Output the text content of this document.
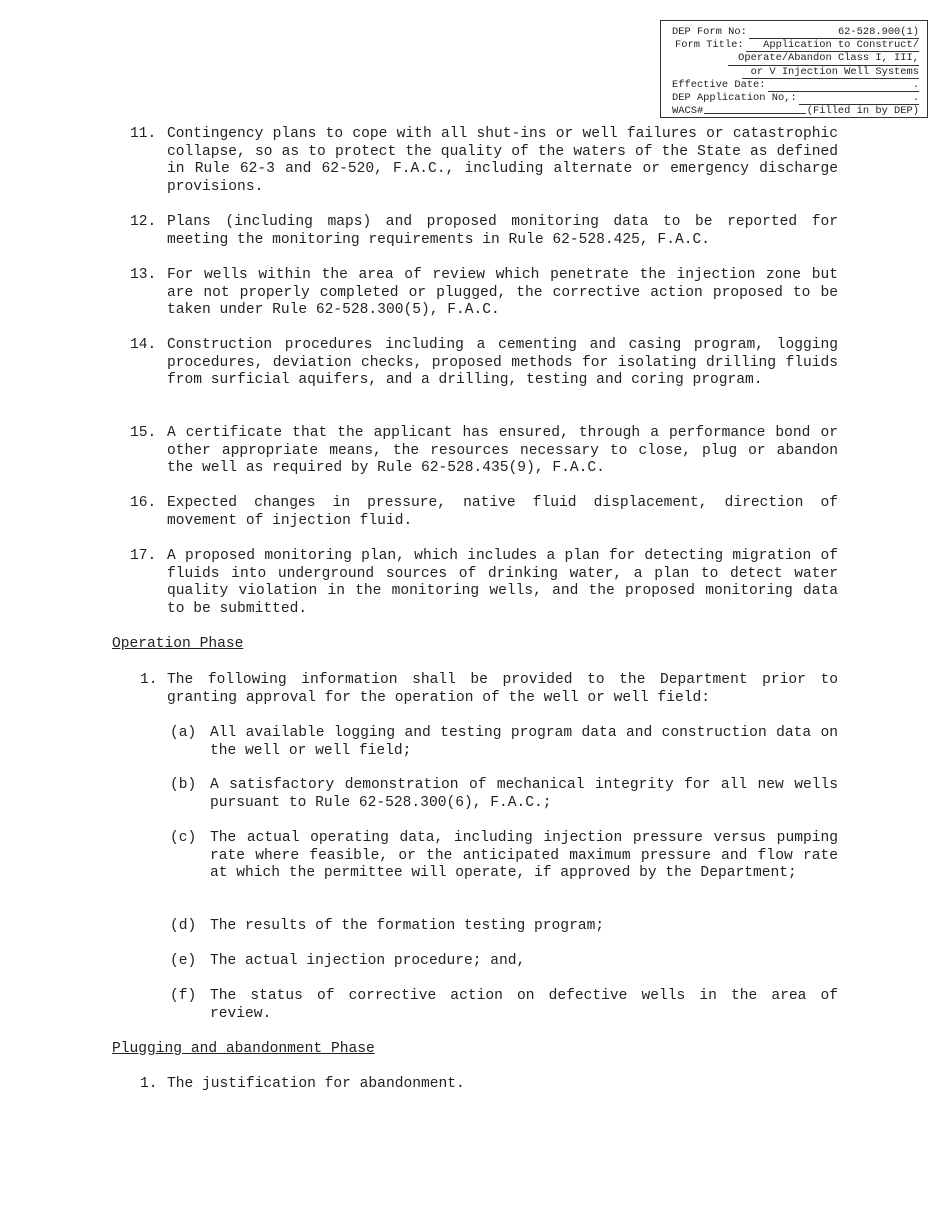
DEP Form No:	62-528.900(1)
Form Title:	Application to Construct/
Operate/Abandon Class I, III,
or V Injection Well Systems
Effective Date:	.
DEP Application No,:	.
WACS#	(Filled in by DEP)
11. Contingency plans to cope with all shut-ins or well failures or catastrophic collapse, so as to protect the quality of the waters of the State as defined in Rule 62-3 and 62-520, F.A.C., including alternate or emergency discharge provisions.
12. Plans (including maps) and proposed monitoring data to be reported for meeting the monitoring requirements in Rule 62-528.425, F.A.C.
13. For wells within the area of review which penetrate the injection zone but are not properly completed or plugged, the corrective action proposed to be taken under Rule 62-528.300(5), F.A.C.
14. Construction procedures including a cementing and casing program, logging procedures, deviation checks, proposed methods for isolating drilling fluids from surficial aquifers, and a drilling, testing and coring program.
15. A certificate that the applicant has ensured, through a performance bond or other appropriate means, the resources necessary to close, plug or abandon the well as required by Rule 62-528.435(9), F.A.C.
16. Expected changes in pressure, native fluid displacement, direction of movement of injection fluid.
17. A proposed monitoring plan, which includes a plan for detecting migration of fluids into underground sources of drinking water, a plan to detect water quality violation in the monitoring wells, and the proposed monitoring data to be submitted.
Operation Phase
1. The following information shall be provided to the Department prior to granting approval for the operation of the well or well field:
(a) All available logging and testing program data and construction data on the well or well field;
(b) A satisfactory demonstration of mechanical integrity for all new wells pursuant to Rule 62-528.300(6), F.A.C.;
(c) The actual operating data, including injection pressure versus pumping rate where feasible, or the anticipated maximum pressure and flow rate at which the permittee will operate, if approved by the Department;
(d) The results of the formation testing program;
(e) The actual injection procedure; and,
(f) The status of corrective action on defective wells in the area of review.
Plugging and abandonment Phase
1. The justification for abandonment.
